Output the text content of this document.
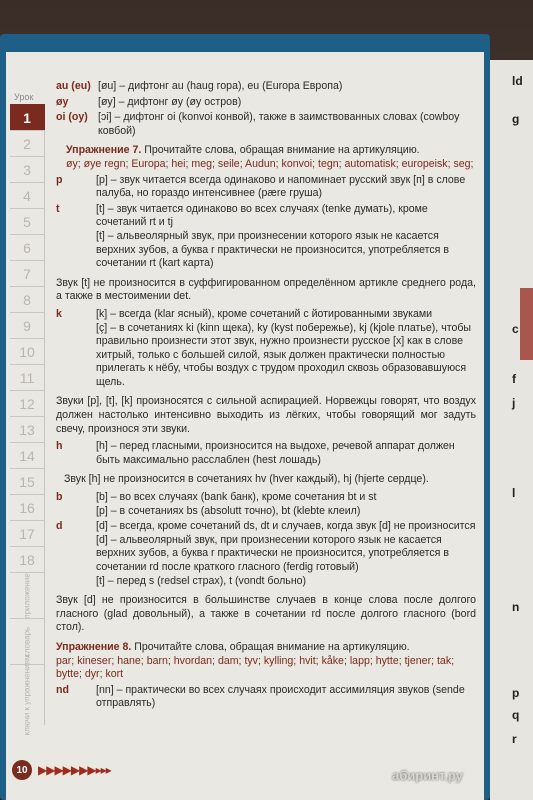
ld
g
c
f
j
l
n
p
q
r
Урок
1
2
3
4
5
6
7
8
9
10
11
12
13
14
15
16
17
18
приложение
словарь
ключи к упражнениям
au (eu) [øu] – дифтонг au (haug гора), eu (Europa Европа)
øy	[øy] – дифтонг øy (øy остров)
oi (oy) [ɔi] – дифтонг oi (konvoi конвой), также в заимствованных словах (cowboy ковбой)
Упражнение 7. Прочитайте слова, обращая внимание на артикуляцию.
øy; øye regn; Europa; hei; meg; seile; Audun; konvoi; tegn; automatisk; europeisk; seg;
p	[p] – звук читается всегда одинаково и напоминает русский звук [п] в слове палуба, но гораздо интенсивнее (pære груша)
t	[t] – звук читается одинаково во всех случаях (tenke думать), кроме сочетаний rt и tj
[t] – альвеолярный звук, при произнесении которого язык не касается верхних зубов, а буква r практически не произносится, употребляется в сочетании rt (kart карта)
Звук [t] не произносится в суффигированном определённом артикле среднего рода, а также в местоимении det.
k	[k] – всегда (klar ясный), кроме сочетаний с йотированными звуками
[ç] – в сочетаниях ki (kinn щека), ky (kyst побережье), kj (kjole платье), чтобы правильно произнести этот звук, нужно произнести русское [х] как в слове хитрый, только с большей силой, язык должен практически полностью прилегать к нёбу, чтобы воздух с трудом проходил сквозь образовавшуюся щель.
Звуки [p], [t], [k] произносятся с сильной аспирацией. Норвежцы говорят, что воздух должен настолько интенсивно выходить из лёгких, чтобы говорящий мог задуть свечу, произнося эти звуки.
h	[h] – перед гласными, произносится на выдохе, речевой аппарат должен быть максимально расслаблен (hest лошадь)
Звук [h] не произносится в сочетаниях hv (hver каждый), hj (hjerte сердце).
b	[b] – во всех случаях (bank банк), кроме сочетания bt и st
[p] – в сочетаниях bs (absolutt точно), bt (klebte клеил)
d	[d] – всегда, кроме сочетаний ds, dt и случаев, когда звук [d] не произносится
[d] – альвеолярный звук, при произнесении которого язык не касается верхних зубов, а буква r практически не произносится, употребляется в сочетании rd после краткого гласного (ferdig готовый)
[t] – перед s (redsel страх), t (vondt больно)
Звук [d] не произносится в большинстве случаев в конце слова после долгого гласного (glad довольный), а также в сочетании rd после долгого гласного (bord стол).
Упражнение 8. Прочитайте слова, обращая внимание на артикуляцию.
par; kineser; hane; barn; hvordan; dam; tyv; kylling; hvit; kåke; lapp; hytte; tjener; tak; bytte; dyr; kort
nd	[nn] – практически во всех случаях происходит ассимиляция звуков (sende отправлять)
10 ▶▶▶▶▶▶▶▸▸▸	абиринт.ру
